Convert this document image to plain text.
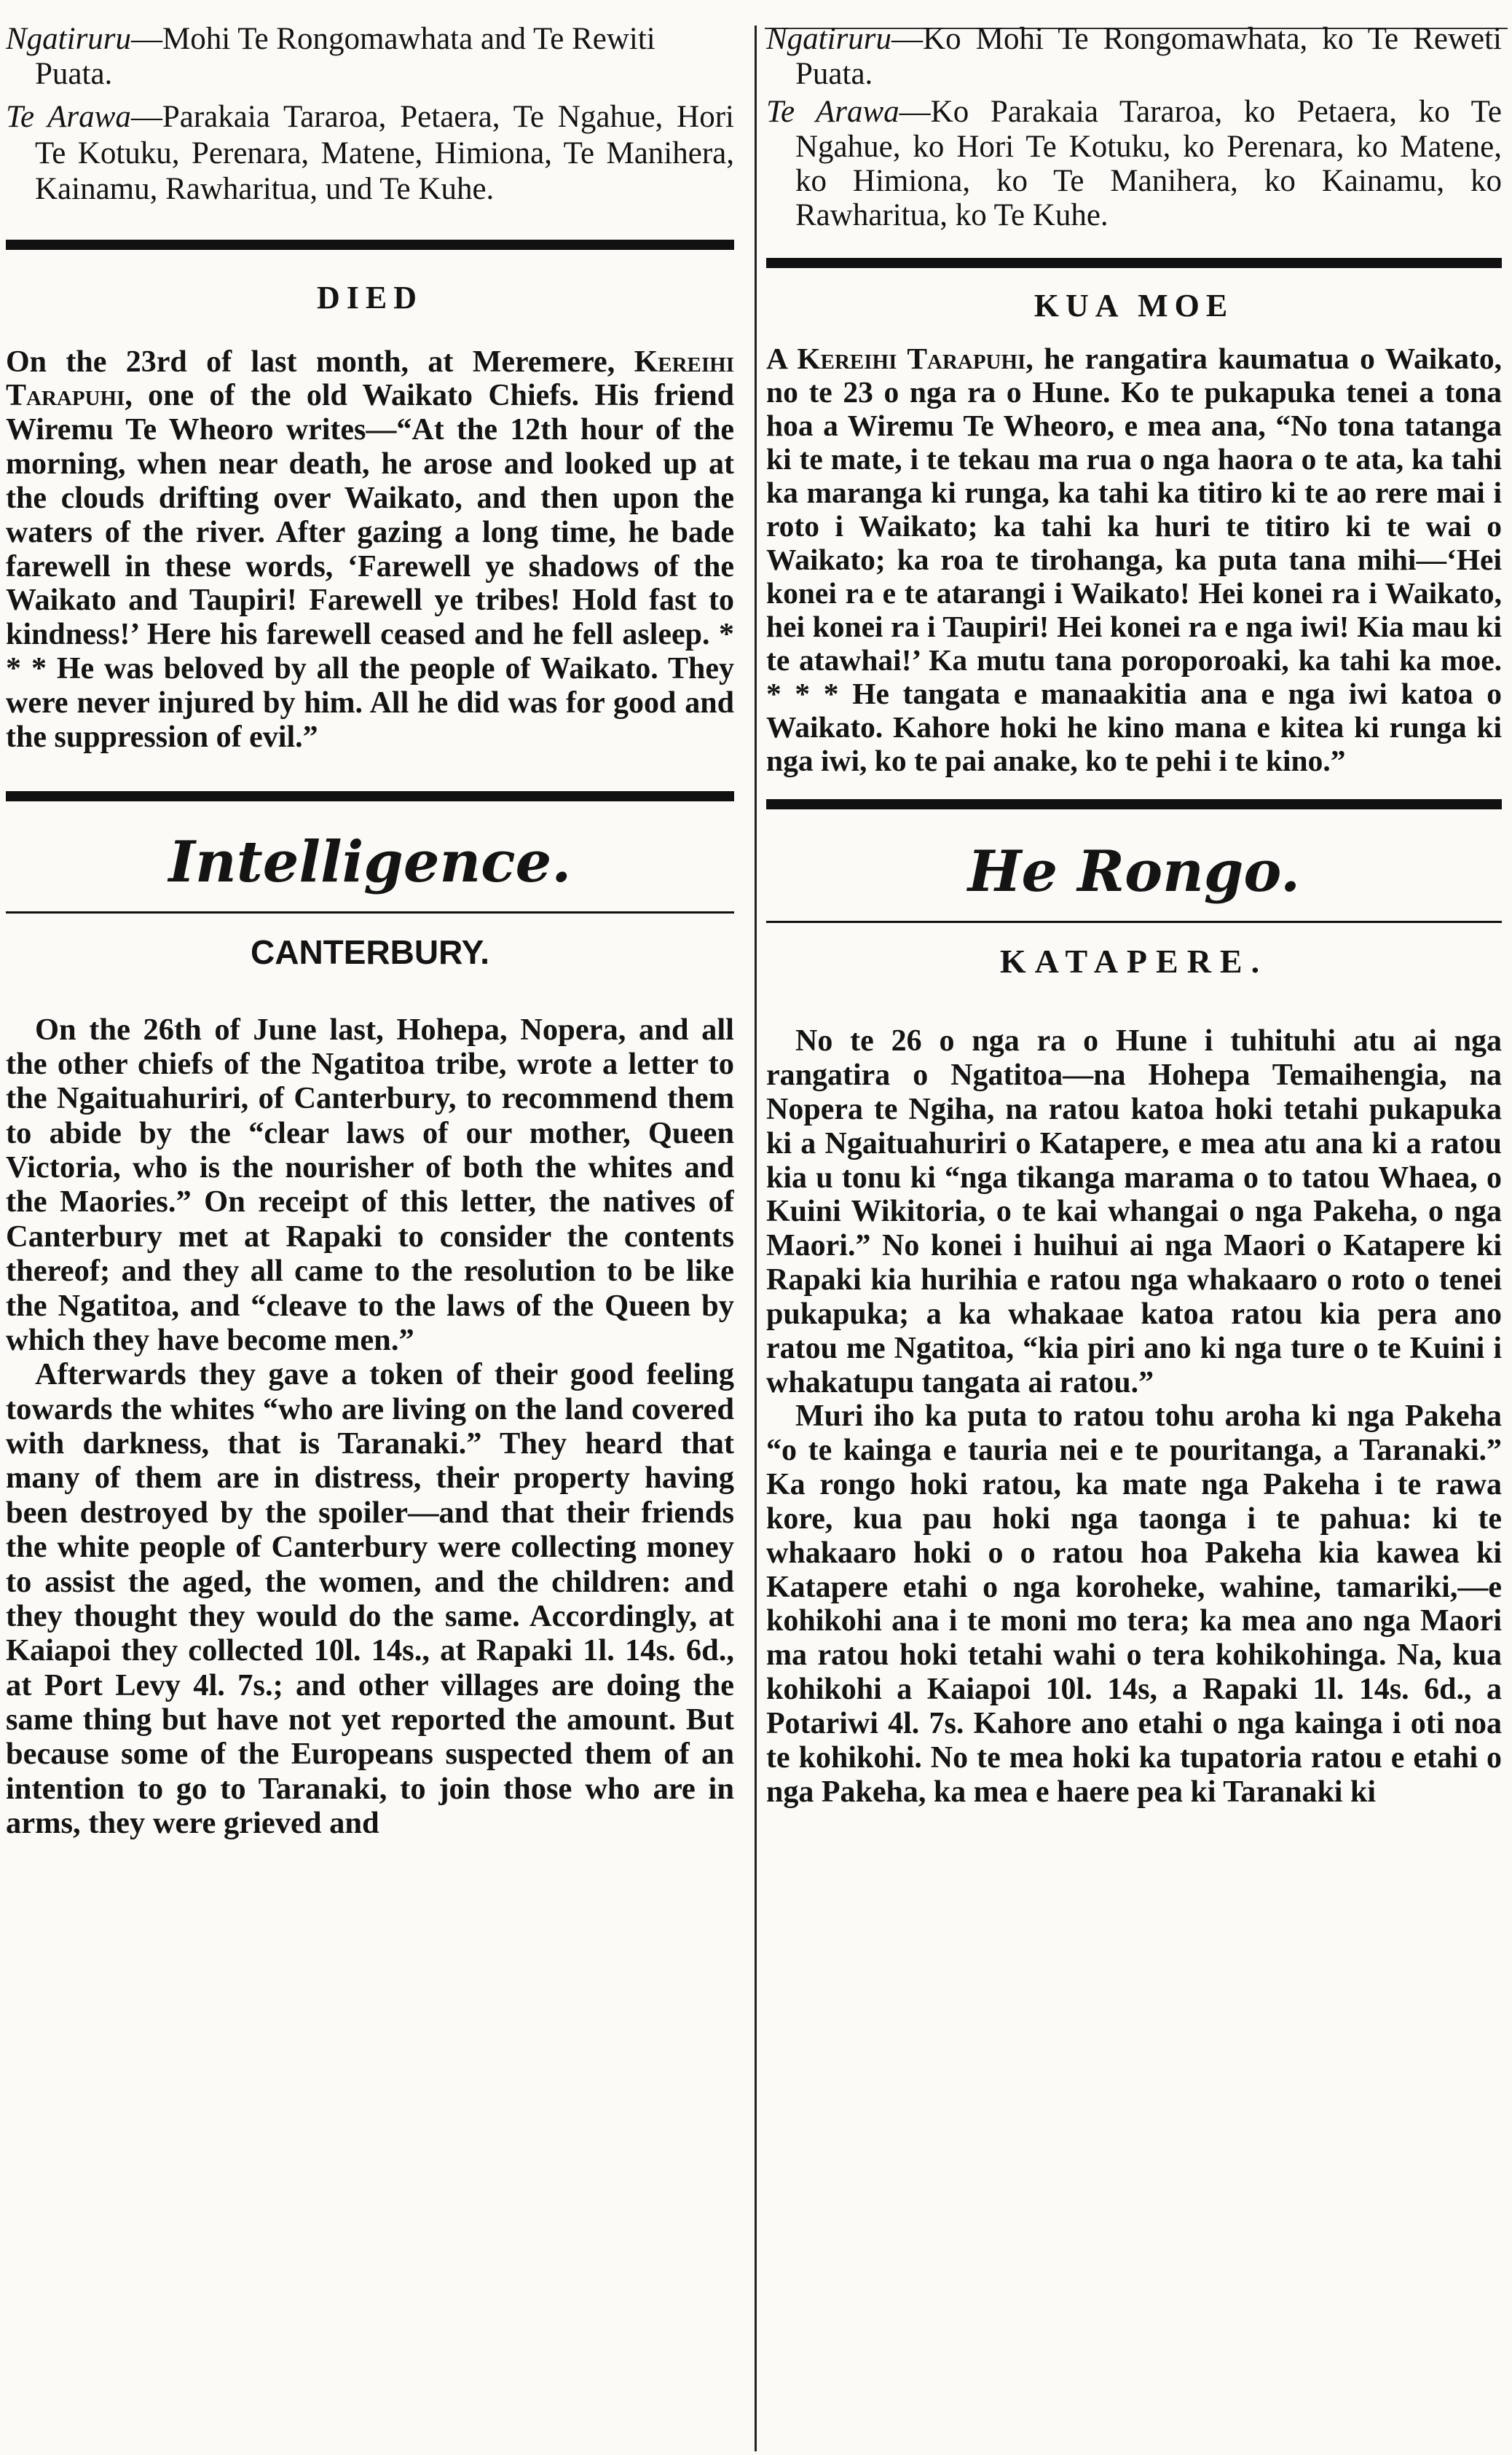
Ngatiruru—Mohi Te Rongomawhata and Te Rewiti Puata.

Te Arawa—Parakaia Tararoa, Petaera, Te Ngahue, Hori Te Kotuku, Perenara, Matene, Himiona, Te Manihera, Kainamu, Rawharitua, und Te Kuhe.

DIED

On the 23rd of last month, at Meremere, Kereihi Tarapuhi, one of the old Waikato Chiefs. His friend Wiremu Te Wheoro writes—“At the 12th hour of the morning, when near death, he arose and looked up at the clouds drifting over Waikato, and then upon the waters of the river. After gazing a long time, he bade farewell in these words, ‘Farewell ye shadows of the Waikato and Taupiri! Farewell ye tribes! Hold fast to kindness!’ Here his farewell ceased and he fell asleep. * * * He was beloved by all the people of Waikato. They were never injured by him. All he did was for good and the suppression of evil.”

Intelligence.
CANTERBURY.

On the 26th of June last, Hohepa, Nopera, and all the other chiefs of the Ngatitoa tribe, wrote a letter to the Ngaituahuriri, of Canterbury, to recommend them to abide by the “clear laws of our mother, Queen Victoria, who is the nourisher of both the whites and the Maories.” On receipt of this letter, the natives of Canterbury met at Rapaki to consider the contents thereof; and they all came to the resolution to be like the Ngatitoa, and “cleave to the laws of the Queen by which they have become men.”

Afterwards they gave a token of their good feeling towards the whites “who are living on the land covered with darkness, that is Taranaki.” They heard that many of them are in distress, their property having been destroyed by the spoiler—and that their friends the white people of Canterbury were collecting money to assist the aged, the women, and the children: and they thought they would do the same. Accordingly, at Kaiapoi they collected 10l. 14s., at Rapaki 1l. 14s. 6d., at Port Levy 4l. 7s.; and other villages are doing the same thing but have not yet reported the amount. But because some of the Europeans suspected them of an intention to go to Taranaki, to join those who are in arms, they were grieved and

Ngatiruru—Ko Mohi Te Rongomawhata, ko Te Reweti Puata.

Te Arawa—Ko Parakaia Tararoa, ko Petaera, ko Te Ngahue, ko Hori Te Kotuku, ko Perenara, ko Matene, ko Himiona, ko Te Manihera, ko Kainamu, ko Rawharitua, ko Te Kuhe.

KUA MOE

A Kereihi Tarapuhi, he rangatira kaumatua o Waikato, no te 23 o nga ra o Hune. Ko te pukapuka tenei a tona hoa a Wiremu Te Wheoro, e mea ana, “No tona tatanga ki te mate, i te tekau ma rua o nga haora o te ata, ka tahi ka maranga ki runga, ka tahi ka titiro ki te ao rere mai i roto i Waikato; ka tahi ka huri te titiro ki te wai o Waikato; ka roa te tirohanga, ka puta tana mihi—‘Hei konei ra e te atarangi i Waikato! Hei konei ra i Waikato, hei konei ra i Taupiri! Hei konei ra e nga iwi! Kia mau ki te atawhai!’ Ka mutu tana poroporoaki, ka tahi ka moe. * * * He tangata e manaakitia ana e nga iwi katoa o Waikato. Kahore hoki he kino mana e kitea ki runga ki nga iwi, ko te pai anake, ko te pehi i te kino.”

He Rongo.
KATAPERE.

No te 26 o nga ra o Hune i tuhituhi atu ai nga rangatira o Ngatitoa—na Hohepa Temaihengia, na Nopera te Ngiha, na ratou katoa hoki tetahi pukapuka ki a Ngaituahuriri o Katapere, e mea atu ana ki a ratou kia u tonu ki “nga tikanga marama o to tatou Whaea, o Kuini Wikitoria, o te kai whangai o nga Pakeha, o nga Maori.” No konei i huihui ai nga Maori o Katapere ki Rapaki kia hurihia e ratou nga whakaaro o roto o tenei pukapuka; a ka whakaae katoa ratou kia pera ano ratou me Ngatitoa, “kia piri ano ki nga ture o te Kuini i whakatupu tangata ai ratou.”

Muri iho ka puta to ratou tohu aroha ki nga Pakeha “o te kainga e tauria nei e te pouritanga, a Taranaki.” Ka rongo hoki ratou, ka mate nga Pakeha i te rawa kore, kua pau hoki nga taonga i te pahua: ki te whakaaro hoki o o ratou hoa Pakeha kia kawea ki Katapere etahi o nga koroheke, wahine, tamariki,—e kohikohi ana i te moni mo tera; ka mea ano nga Maori ma ratou hoki tetahi wahi o tera kohikohinga. Na, kua kohikohi a Kaiapoi 10l. 14s, a Rapaki 1l. 14s. 6d., a Potariwi 4l. 7s. Kahore ano etahi o nga kainga i oti noa te kohikohi. No te mea hoki ka tupatoria ratou e etahi o nga Pakeha, ka mea e haere pea ki Taranaki ki
